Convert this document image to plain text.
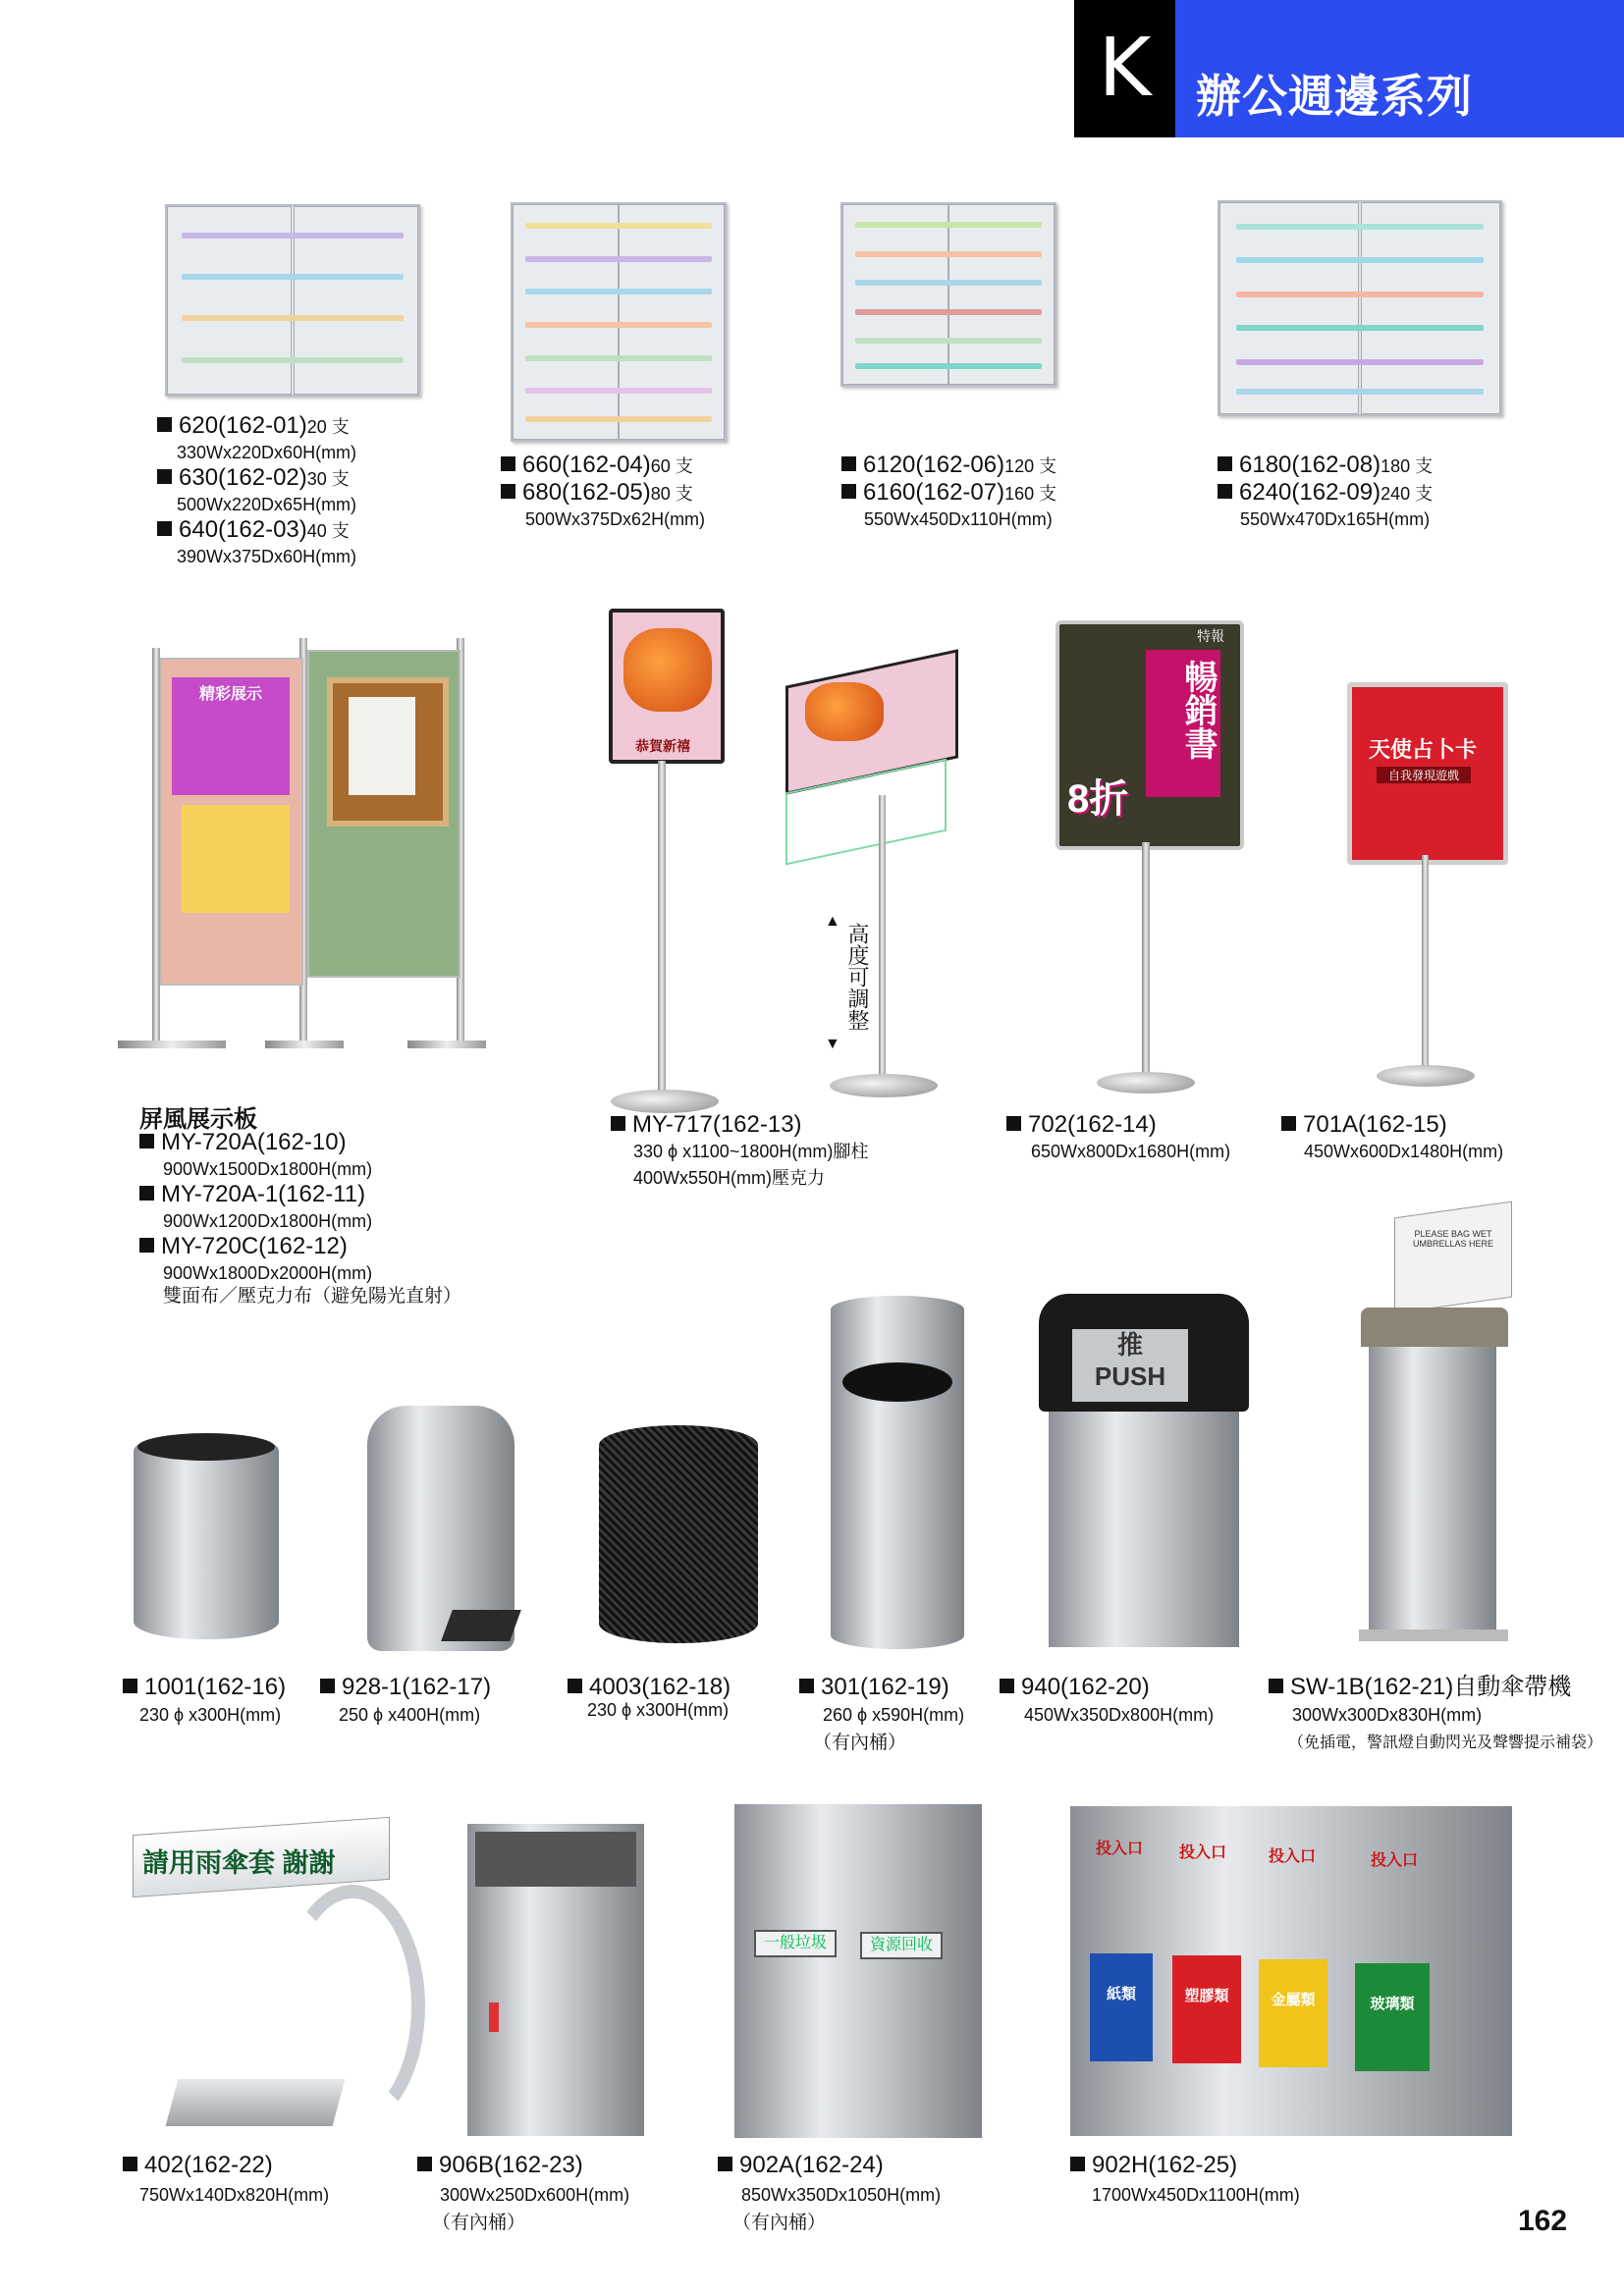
K 辦公週邊系列
620(162-01)20 支
330Wx220Dx60H(mm)
630(162-02)30 支
500Wx220Dx65H(mm)
640(162-03)40 支
390Wx375Dx60H(mm)
660(162-04)60 支
680(162-05)80 支
500Wx375Dx62H(mm)
6120(162-06)120 支
6160(162-07)160 支
550Wx450Dx110H(mm)
6180(162-08)180 支
6240(162-09)240 支
550Wx470Dx165H(mm)
精彩展示
恭賀新禧
▲
▼
高度可調整
暢銷書
特報
8折
天使占卜卡
自我發現遊戲
屏風展示板
MY-720A(162-10)
900Wx1500Dx1800H(mm)
MY-720A-1(162-11)
900Wx1200Dx1800H(mm)
MY-720C(162-12)
900Wx1800Dx2000H(mm)
雙面布／壓克力布（避免陽光直射）
MY-717(162-13)
330 ϕ x1100~1800H(mm)腳柱
400Wx550H(mm)壓克力
702(162-14)
650Wx800Dx1680H(mm)
701A(162-15)
450Wx600Dx1480H(mm)
推
PUSH
PLEASE BAG WET UMBRELLAS HERE
1001(162-16)
230 ϕ x300H(mm)
928-1(162-17)
250 ϕ x400H(mm)
4003(162-18)
230 ϕ x300H(mm)
301(162-19)
260 ϕ x590H(mm)
（有內桶）
940(162-20)
450Wx350Dx800H(mm)
SW-1B(162-21)自動傘帶機
300Wx300Dx830H(mm)
（免插電，警訊燈自動閃光及聲響提示補袋）
請用雨傘套 謝謝
一般垃圾	資源回收
投入口	投入口	投入口	投入口
紙類	塑膠類	金屬類	玻璃類
402(162-22)
750Wx140Dx820H(mm)
906B(162-23)
300Wx250Dx600H(mm)
（有內桶）
902A(162-24)
850Wx350Dx1050H(mm)
（有內桶）
902H(162-25)
1700Wx450Dx1100H(mm)
162
